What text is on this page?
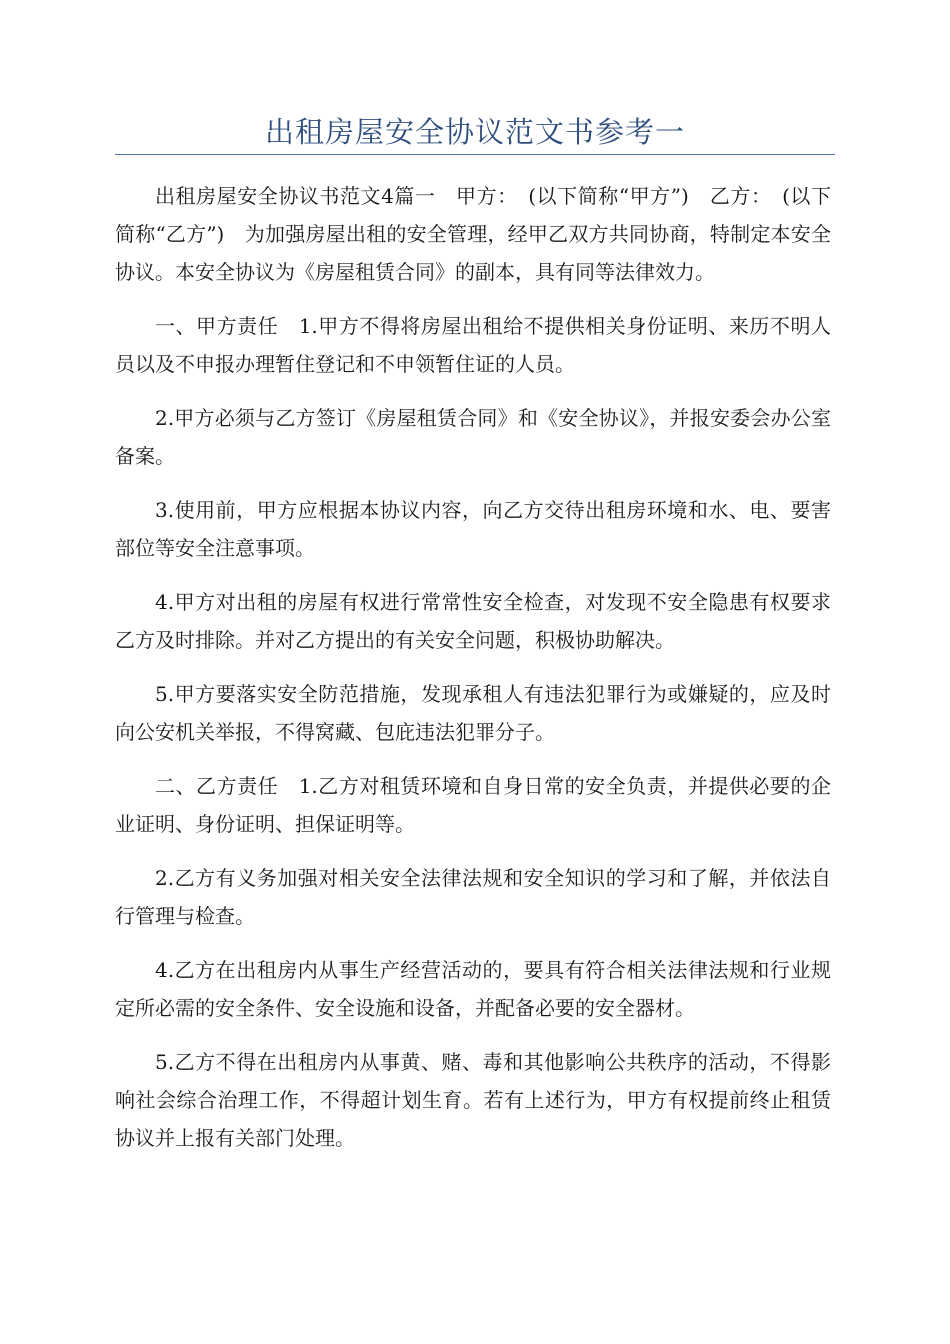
出租房屋安全协议范文书参考一

出租房屋安全协议书范文4篇一　甲方：　(以下简称“甲方”)　乙方：　(以下简称“乙方”)　为加强房屋出租的安全管理，经甲乙双方共同协商，特制定本安全协议。本安全协议为《房屋租赁合同》的副本，具有同等法律效力。

一、甲方责任　1.甲方不得将房屋出租给不提供相关身份证明、来历不明人员以及不申报办理暂住登记和不申领暂住证的人员。

2.甲方必须与乙方签订《房屋租赁合同》和《安全协议》，并报安委会办公室备案。

3.使用前，甲方应根据本协议内容，向乙方交待出租房环境和水、电、要害部位等安全注意事项。

4.甲方对出租的房屋有权进行常常性安全检查，对发现不安全隐患有权要求乙方及时排除。并对乙方提出的有关安全问题，积极协助解决。

5.甲方要落实安全防范措施，发现承租人有违法犯罪行为或嫌疑的，应及时向公安机关举报，不得窝藏、包庇违法犯罪分子。

二、乙方责任　1.乙方对租赁环境和自身日常的安全负责，并提供必要的企业证明、身份证明、担保证明等。

2.乙方有义务加强对相关安全法律法规和安全知识的学习和了解，并依法自行管理与检查。

4.乙方在出租房内从事生产经营活动的，要具有符合相关法律法规和行业规定所必需的安全条件、安全设施和设备，并配备必要的安全器材。

5.乙方不得在出租房内从事黄、赌、毒和其他影响公共秩序的活动，不得影响社会综合治理工作，不得超计划生育。若有上述行为，甲方有权提前终止租赁协议并上报有关部门处理。
